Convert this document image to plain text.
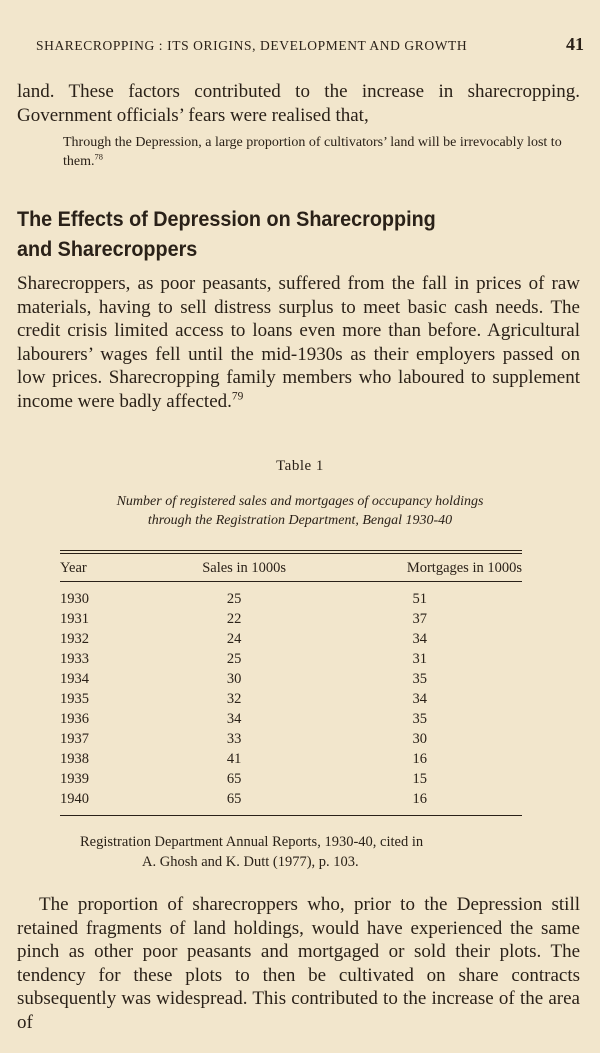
SHARECROPPING : ITS ORIGINS, DEVELOPMENT AND GROWTH	41

land. These factors contributed to the increase in sharecropping. Government officials’ fears were realised that,

Through the Depression, a large proportion of cultivators’ land will be irrevocably lost to them.$^{78}$

The Effects of Depression on Sharecropping
and Sharecroppers

Sharecroppers, as poor peasants, suffered from the fall in prices of raw materials, having to sell distress surplus to meet basic cash needs. The credit crisis limited access to loans even more than before. Agricultural labourers’ wages fell until the mid-1930s as their employers passed on low prices. Sharecropping family members who laboured to supplement income were badly affected.$^{79}$

Table 1
Number of registered sales and mortgages of occupancy holdings
through the Registration Department, Bengal 1930-40
Year	Sales in 1000s	Mortgages in 1000s
1930	25	51
1931	22	37
1932	24	34
1933	25	31
1934	30	35
1935	32	34
1936	34	35
1937	33	30
1938	41	16
1939	65	15
1940	65	16
Registration Department Annual Reports, 1930-40, cited in
A. Ghosh and K. Dutt (1977), p. 103.

The proportion of sharecroppers who, prior to the Depression still retained fragments of land holdings, would have experienced the same pinch as other poor peasants and mortgaged or sold their plots. The tendency for these plots to then be cultivated on share contracts subsequently was widespread. This contributed to the increase of the area of
